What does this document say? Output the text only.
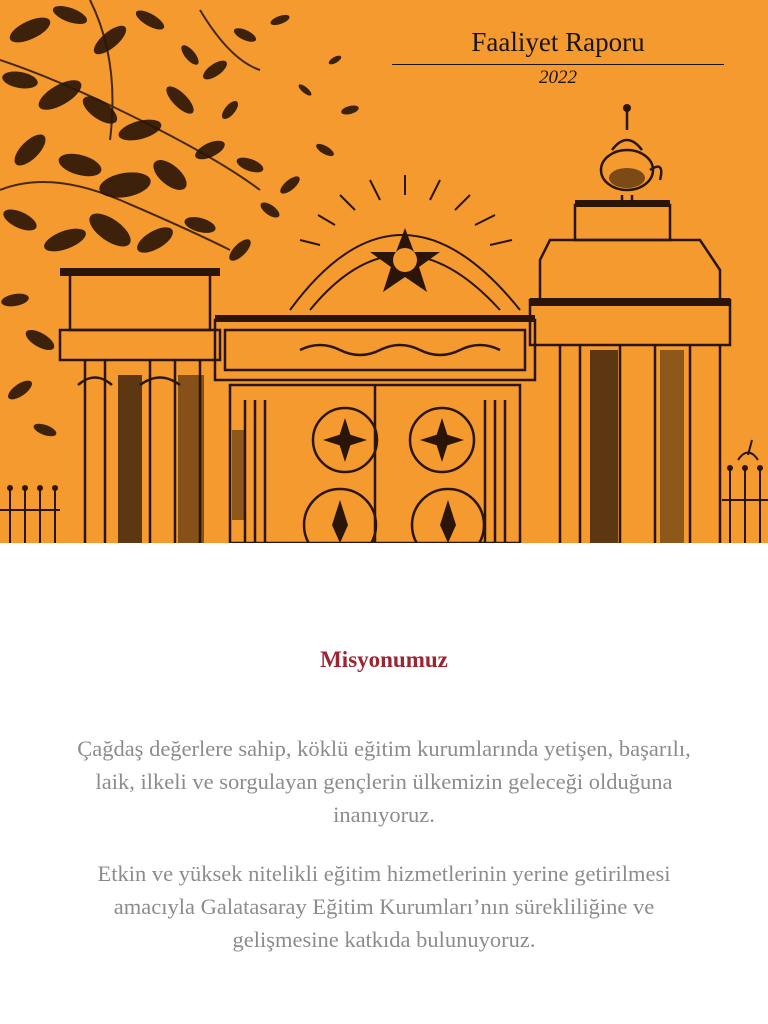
Faaliyet Raporu
2022
Misyonumuz

Çağdaş değerlere sahip, köklü eğitim kurumlarında yetişen, başarılı, laik, ilkeli ve sorgulayan gençlerin ülkemizin geleceği olduğuna inanıyoruz.

Etkin ve yüksek nitelikli eğitim hizmetlerinin yerine getirilmesi amacıyla Galatasaray Eğitim Kurumları’nın sürekliliğine ve gelişmesine katkıda bulunuyoruz.
